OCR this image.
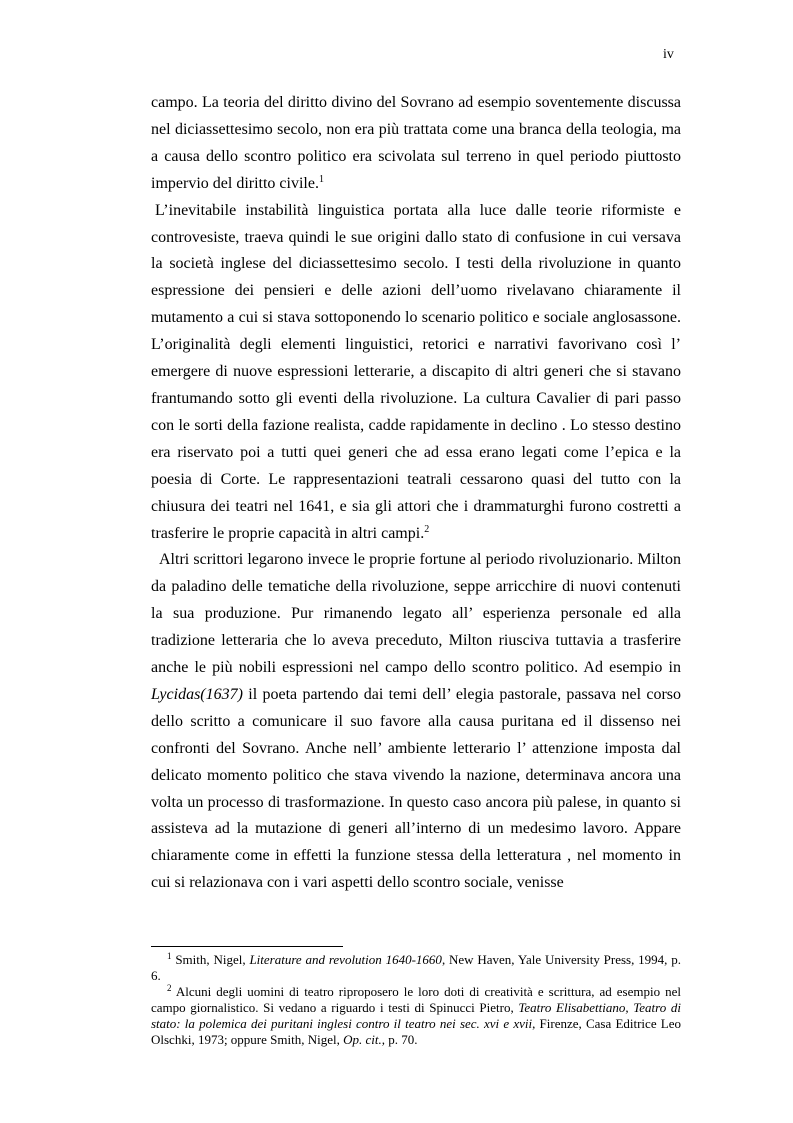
iv

campo. La teoria del diritto divino del Sovrano ad esempio soventemente discussa nel diciassettesimo secolo, non era più trattata come una branca della teologia, ma a causa dello scontro politico era scivolata sul terreno in quel periodo piuttosto impervio del diritto civile.$^1$

L’inevitabile instabilità linguistica portata alla luce dalle teorie riformiste e controvesiste, traeva quindi le sue origini dallo stato di confusione in cui versava la società inglese del diciassettesimo secolo. I testi della rivoluzione in quanto espressione dei pensieri e delle azioni dell’uomo rivelavano chiaramente il mutamento a cui si stava sottoponendo lo scenario politico e sociale anglosassone. L’originalità degli elementi linguistici, retorici e narrativi favorivano così l’ emergere di nuove espressioni letterarie, a discapito di altri generi che si stavano frantumando sotto gli eventi della rivoluzione. La cultura Cavalier di pari passo con le sorti della fazione realista, cadde rapidamente in declino . Lo stesso destino era riservato poi a tutti quei generi che ad essa erano legati come l’epica e la poesia di Corte. Le rappresentazioni teatrali cessarono quasi del tutto con la chiusura dei teatri nel 1641, e sia gli attori che i drammaturghi furono costretti a trasferire le proprie capacità in altri campi.$^2$

Altri scrittori legarono invece le proprie fortune al periodo rivoluzionario. Milton da paladino delle tematiche della rivoluzione, seppe arricchire di nuovi contenuti la sua produzione. Pur rimanendo legato all’ esperienza personale ed alla tradizione letteraria che lo aveva preceduto, Milton riusciva tuttavia a trasferire anche le più nobili espressioni nel campo dello scontro politico. Ad esempio in Lycidas(1637) il poeta partendo dai temi dell’ elegia pastorale, passava nel corso dello scritto a comunicare il suo favore alla causa puritana ed il dissenso nei confronti del Sovrano. Anche nell’ ambiente letterario l’ attenzione imposta dal delicato momento politico che stava vivendo la nazione, determinava ancora una volta un processo di trasformazione. In questo caso ancora più palese, in quanto si assisteva ad la mutazione di generi all’interno di un medesimo lavoro. Appare chiaramente come in effetti la funzione stessa della letteratura , nel momento in cui si relazionava con i vari aspetti dello scontro sociale, venisse

$^1$ Smith, Nigel, Literature and revolution 1640-1660, New Haven, Yale University Press, 1994, p. 6.

$^2$ Alcuni degli uomini di teatro riproposero le loro doti di creatività e scrittura, ad esempio nel campo giornalistico. Si vedano a riguardo i testi di Spinucci Pietro, Teatro Elisabettiano, Teatro di stato: la polemica dei puritani inglesi contro il teatro nei sec. xvi e xvii, Firenze, Casa Editrice Leo Olschki, 1973; oppure Smith, Nigel, Op. cit., p. 70.
